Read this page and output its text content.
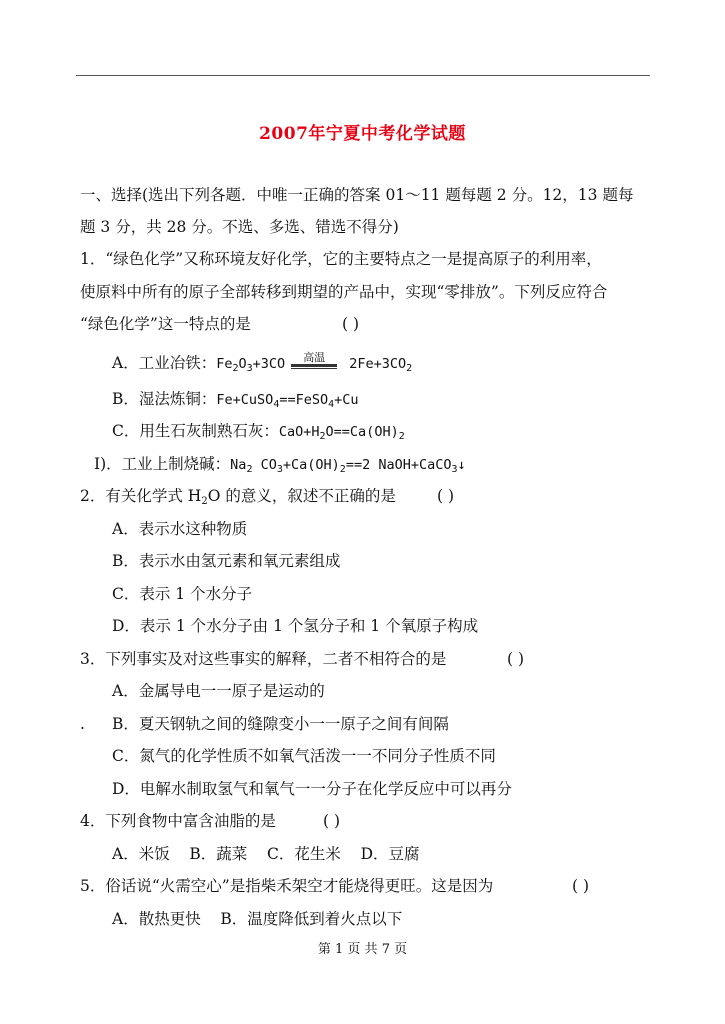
2007年宁夏中考化学试题
一、选择(选出下列各题．中唯一正确的答案 01～11 题每题 2 分。12，13 题每
题 3 分，共 28 分。不选、多选、错选不得分)
1．“绿色化学”又称环境友好化学，它的主要特点之一是提高原子的利用率，
使原料中所有的原子全部转移到期望的产品中，实现“零排放”。下列反应符合
“绿色化学”这一特点的是	( )
A．工业冶铁：$Fe_2O_3+3CO$	高温	$2Fe+3CO_2$
B．湿法炼铜：Fe+CuSO$_4$==FeSO$_4$+Cu
C．用生石灰制熟石灰：$CaO+H_2O==Ca(OH)_2$
I)．工业上制烧碱：$Na_2$ $CO_3+Ca(OH)_2==2$ NaOH+CaCO$_3$↓
2．有关化学式 $H_2O$ 的意义，叙述不正确的是	( )
A．表示水这种物质
B．表示水由氢元素和氧元素组成
C．表示 1 个水分子
D．表示 1 个水分子由 1 个氢分子和 1 个氧原子构成
3．下列事实及对这些事实的解释，二者不相符合的是	( )
A．金属导电一一原子是运动的
. B．夏天钢轨之间的缝隙变小一一原子之间有间隔
C．氮气的化学性质不如氧气活泼一一不同分子性质不同
D．电解水制取氢气和氧气一一分子在化学反应中可以再分
4．下列食物中富含油脂的是	( )
A．米饭    B．蔬菜    C．花生米    D．豆腐
5．俗话说“火需空心”是指柴禾架空才能烧得更旺。这是因为	( )
A．散热更快    B．温度降低到着火点以下
第 1 页 共 7 页
